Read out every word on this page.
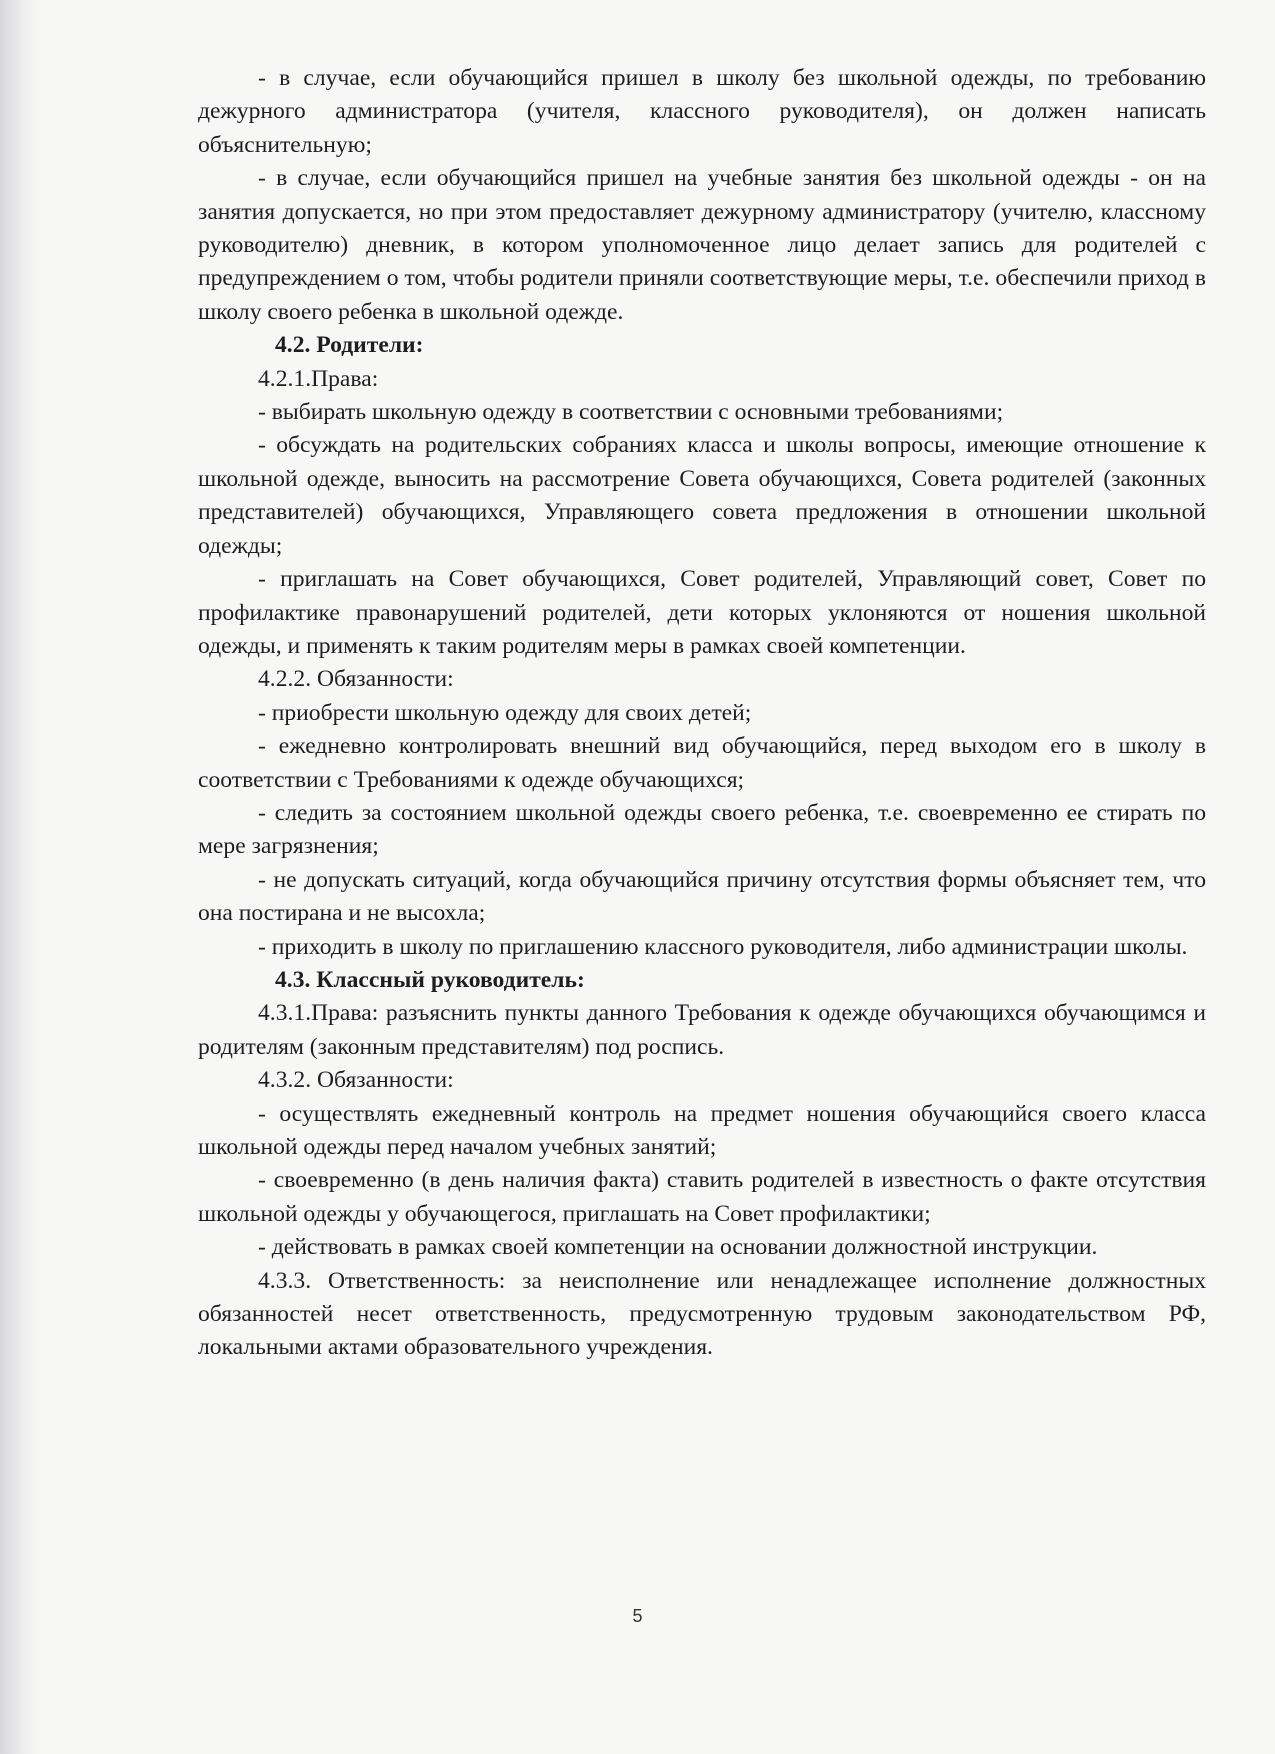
- в случае, если обучающийся пришел в школу без школьной одежды, по требованию дежурного администратора (учителя, классного руководителя), он должен написать объяснительную;

- в случае, если обучающийся пришел на учебные занятия без школьной одежды - он на занятия допускается, но при этом предоставляет дежурному администратору (учителю, классному руководителю) дневник, в котором уполномоченное лицо делает запись для родителей с предупреждением о том, чтобы родители приняли соответствующие меры, т.е. обеспечили приход в школу своего ребенка в школьной одежде.

4.2. Родители:

4.2.1.Права:

- выбирать школьную одежду в соответствии с основными требованиями;

- обсуждать на родительских собраниях класса и школы вопросы, имеющие отношение к школьной одежде, выносить на рассмотрение Совета обучающихся, Совета родителей (законных представителей) обучающихся, Управляющего совета предложения в отношении школьной одежды;

- приглашать на Совет обучающихся, Совет родителей, Управляющий совет, Совет по профилактике правонарушений родителей, дети которых уклоняются от ношения школьной одежды, и применять к таким родителям меры в рамках своей компетенции.

4.2.2. Обязанности:

- приобрести школьную одежду для своих детей;

- ежедневно контролировать внешний вид обучающийся, перед выходом его в школу в соответствии с Требованиями к одежде обучающихся;

- следить за состоянием школьной одежды своего ребенка, т.е. своевременно ее стирать по мере загрязнения;

- не допускать ситуаций, когда обучающийся причину отсутствия формы объясняет тем, что она постирана и не высохла;

- приходить в школу по приглашению классного руководителя, либо администрации школы.

4.3. Классный руководитель:

4.3.1.Права: разъяснить пункты данного Требования к одежде обучающихся обучающимся и родителям (законным представителям) под роспись.

4.3.2. Обязанности:

- осуществлять ежедневный контроль на предмет ношения обучающийся своего класса школьной одежды перед началом учебных занятий;

- своевременно (в день наличия факта) ставить родителей в известность о факте отсутствия школьной одежды у обучающегося, приглашать на Совет профилактики;

- действовать в рамках своей компетенции на основании должностной инструкции.

4.3.3. Ответственность: за неисполнение или ненадлежащее исполнение должностных обязанностей несет ответственность, предусмотренную трудовым законодательством РФ, локальными актами образовательного учреждения.

5
